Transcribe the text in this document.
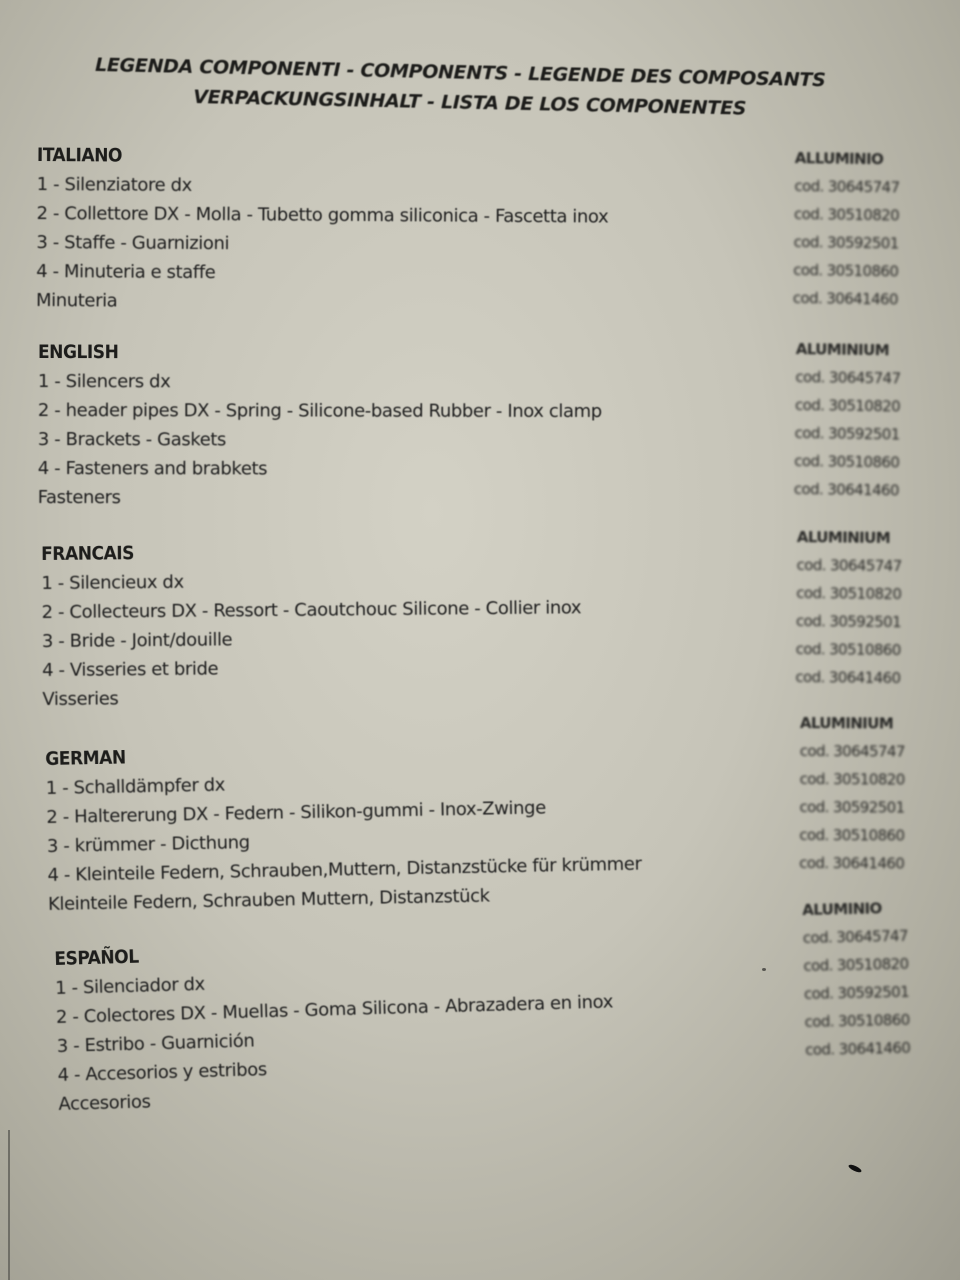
LEGENDA COMPONENTI - COMPONENTS - LEGENDE DES COMPOSANTS
VERPACKUNGSINHALT - LISTA DE LOS COMPONENTES
ITALIANO
1 - Silenziatore dx
2 - Collettore DX - Molla - Tubetto gomma siliconica - Fascetta inox
3 - Staffe - Guarnizioni
4 - Minuteria e staffe
Minuteria
ALLUMINIO
cod. 30645747
cod. 30510820
cod. 30592501
cod. 30510860
cod. 30641460
ENGLISH
1 - Silencers dx
2 - header pipes DX - Spring - Silicone-based Rubber - Inox clamp
3 - Brackets - Gaskets
4 - Fasteners and brabkets
Fasteners
ALUMINIUM
cod. 30645747
cod. 30510820
cod. 30592501
cod. 30510860
cod. 30641460
FRANCAIS
1 - Silencieux dx
2 - Collecteurs DX - Ressort - Caoutchouc Silicone - Collier inox
3 - Bride - Joint/douille
4 - Visseries et bride
Visseries
ALUMINIUM
cod. 30645747
cod. 30510820
cod. 30592501
cod. 30510860
cod. 30641460
GERMAN
1 - Schalldämpfer dx
2 - Haltererung DX - Federn - Silikon-gummi - Inox-Zwinge
3 - krümmer - Dicthung
4 - Kleinteile Federn, Schrauben,Muttern, Distanzstücke für krümmer
Kleinteile Federn, Schrauben Muttern, Distanzstück
ALUMINIUM
cod. 30645747
cod. 30510820
cod. 30592501
cod. 30510860
cod. 30641460
ESPAÑOL
1 - Silenciador dx
2 - Colectores DX - Muellas - Goma Silicona - Abrazadera en inox
3 - Estribo - Guarnición
4 - Accesorios y estribos
Accesorios
ALUMINIO
cod. 30645747
cod. 30510820
cod. 30592501
cod. 30510860
cod. 30641460
